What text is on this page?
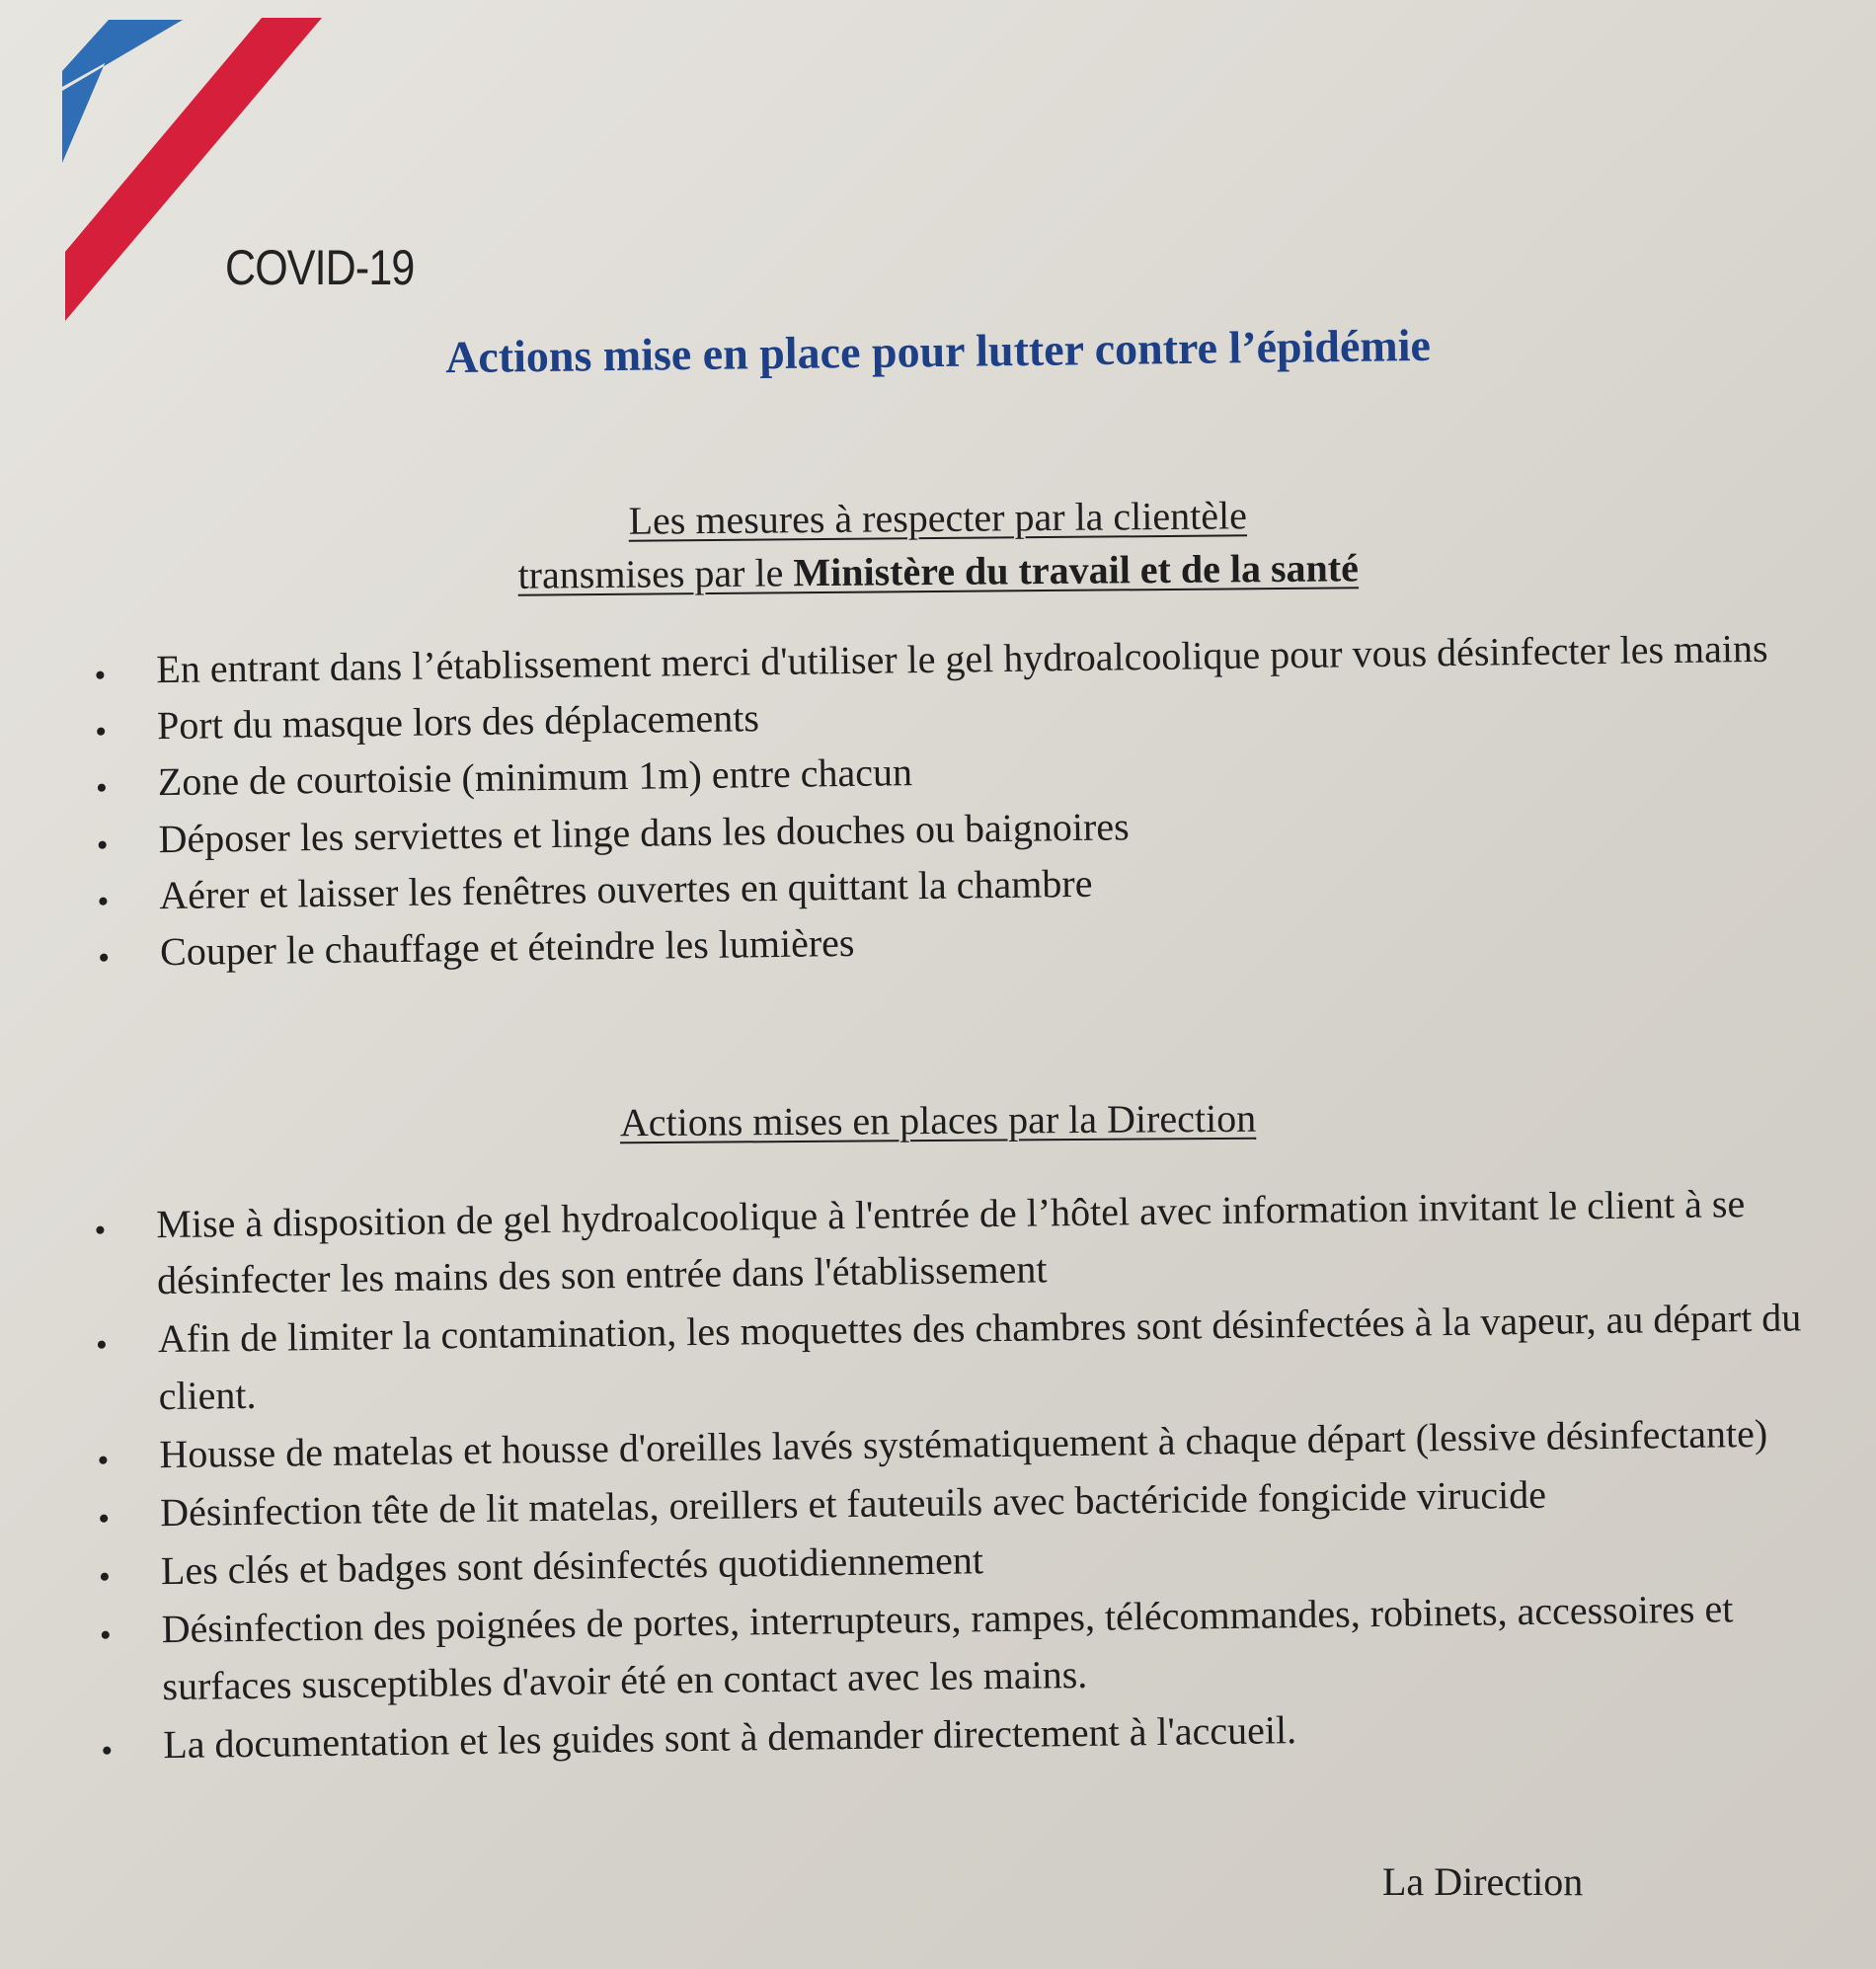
COVID-19

Actions mise en place pour lutter contre l’épidémie
Les mesures à respecter par la clientèle
transmises par le Ministère du travail et de la santé
• En entrant dans l’établissement merci d'utiliser le gel hydroalcoolique pour vous désinfecter les mains
• Port du masque lors des déplacements
• Zone de courtoisie (minimum 1m) entre chacun
• Déposer les serviettes et linge dans les douches ou baignoires
• Aérer et laisser les fenêtres ouvertes en quittant la chambre
• Couper le chauffage et éteindre les lumières
Actions mises en places par la Direction
• Mise à disposition de gel hydroalcoolique à l'entrée de l’hôtel avec information invitant le client à se désinfecter les mains des son entrée dans l'établissement
• Afin de limiter la contamination, les moquettes des chambres sont désinfectées à la vapeur, au départ du client.
• Housse de matelas et housse d'oreilles lavés systématiquement à chaque départ (lessive désinfectante)
• Désinfection tête de lit matelas, oreillers et fauteuils avec bactéricide fongicide virucide
• Les clés et badges sont désinfectés quotidiennement
• Désinfection des poignées de portes, interrupteurs, rampes, télécommandes, robinets, accessoires et surfaces susceptibles d'avoir été en contact avec les mains.
• La documentation et les guides sont à demander directement à l'accueil.

La Direction
